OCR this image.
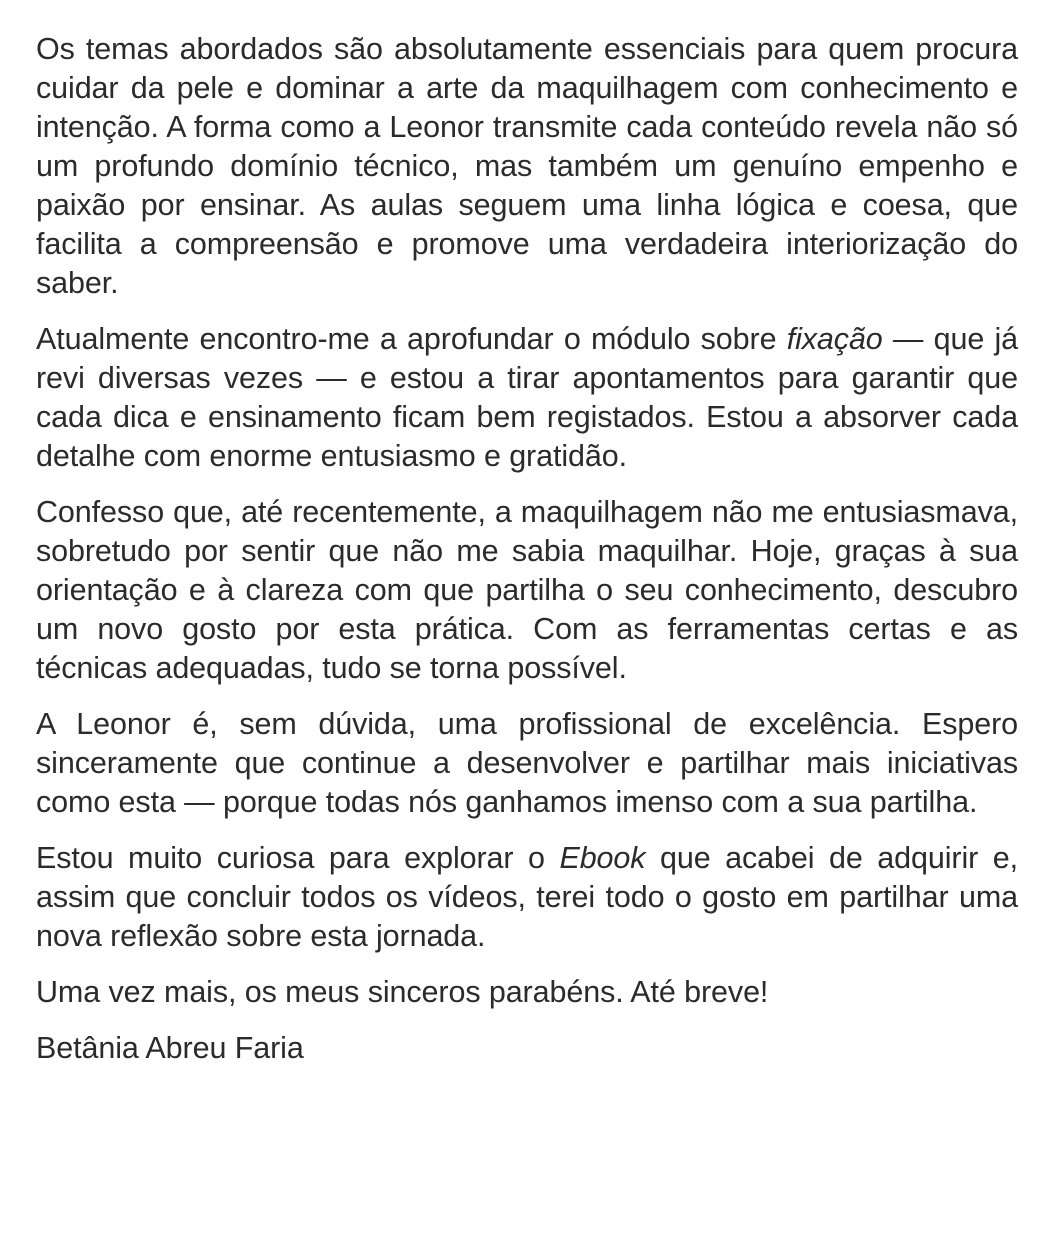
Os temas abordados são absolutamente essenciais para quem procura cuidar da pele e dominar a arte da maquilhagem com conhecimento e intenção. A forma como a Leonor transmite cada conteúdo revela não só um profundo domínio técnico, mas também um genuíno empenho e paixão por ensinar. As aulas seguem uma linha lógica e coesa, que facilita a compreensão e promove uma verdadeira interiorização do saber.

Atualmente encontro-me a aprofundar o módulo sobre fixação — que já revi diversas vezes — e estou a tirar apontamentos para garantir que cada dica e ensinamento ficam bem registados. Estou a absorver cada detalhe com enorme entusiasmo e gratidão.

Confesso que, até recentemente, a maquilhagem não me entusiasmava, sobretudo por sentir que não me sabia maquilhar. Hoje, graças à sua orientação e à clareza com que partilha o seu conhecimento, descubro um novo gosto por esta prática. Com as ferramentas certas e as técnicas adequadas, tudo se torna possível.

A Leonor é, sem dúvida, uma profissional de excelência. Espero sinceramente que continue a desenvolver e partilhar mais iniciativas como esta — porque todas nós ganhamos imenso com a sua partilha.

Estou muito curiosa para explorar o Ebook que acabei de adquirir e, assim que concluir todos os vídeos, terei todo o gosto em partilhar uma nova reflexão sobre esta jornada.

Uma vez mais, os meus sinceros parabéns. Até breve!

Betânia Abreu Faria
